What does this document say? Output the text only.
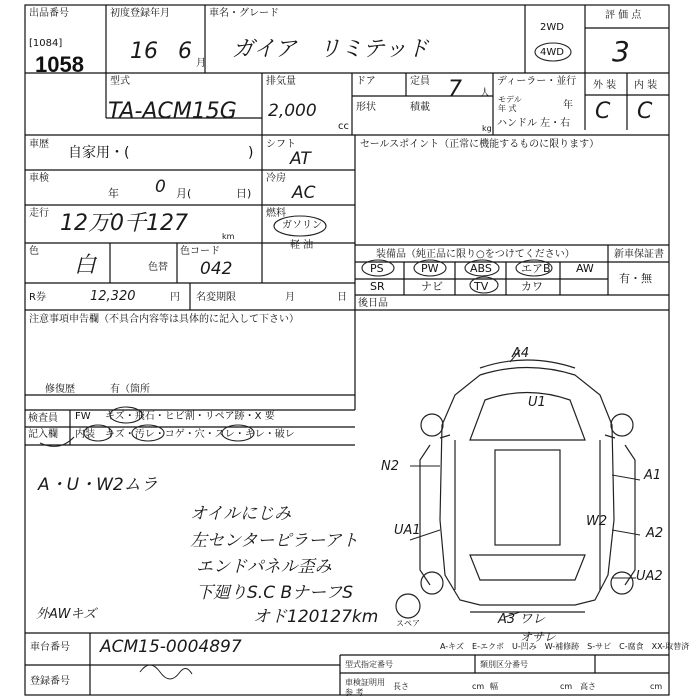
出品番号
[1084]
1058
初度登録年月
16 6 月
車名・グレード
ガイア　リミテッド
2WD
4WD
評 価 点
3
型式
TA-ACM15G
排気量
2,000
cc
ドア	定員 7 人
ディーラー・並行
モデル
年 式	年
形状	積載
kg ハンドル 左・右
外 装 内 装
C C
車歴
自家用・(	)
シフト
AT
セールスポイント（正常に機能するものに限ります）
車検
年 0 月(	日)
冷房
AC
走行 12万0千127
km
燃料
ガソリン
軽 油
色
白	色替
色コード
042
R券	12,320	円 名変期限	月	日
装備品（純正品に限り○をつけてください）	新車保証書
有・無
PS	PW	ABS	エアB AW
SR	ナビ	TV	カワ
後日品
注意事項申告欄（不具合内容等は具体的に記入して下さい）
修復歴	有（箇所
検査員
記入欄
FW キズ・飛石・ヒビ割・リペア跡・X 要
内装 キズ・汚レ・コゲ・穴・スレ・キレ・破レ
A・U・W2ムラ
オイルにじみ
左センターピラーアト
エンドパネル歪み
下廻りS.C BナーフS
オド120127km
外AWキズ
スペア
A4
U1
A1
W2
A2
UA2
UA1
A3 ワレ
オサレ
N2
車台番号 ACM15-0004897
登録番号
型式指定番号	類別区分番号
車検証明用
参 考
長さ	cm 幅	cm 高さ	cm
A-キズ　E-エクボ　U-凹み　W-補修跡　S-サビ　C-腐食　XX-取替済
